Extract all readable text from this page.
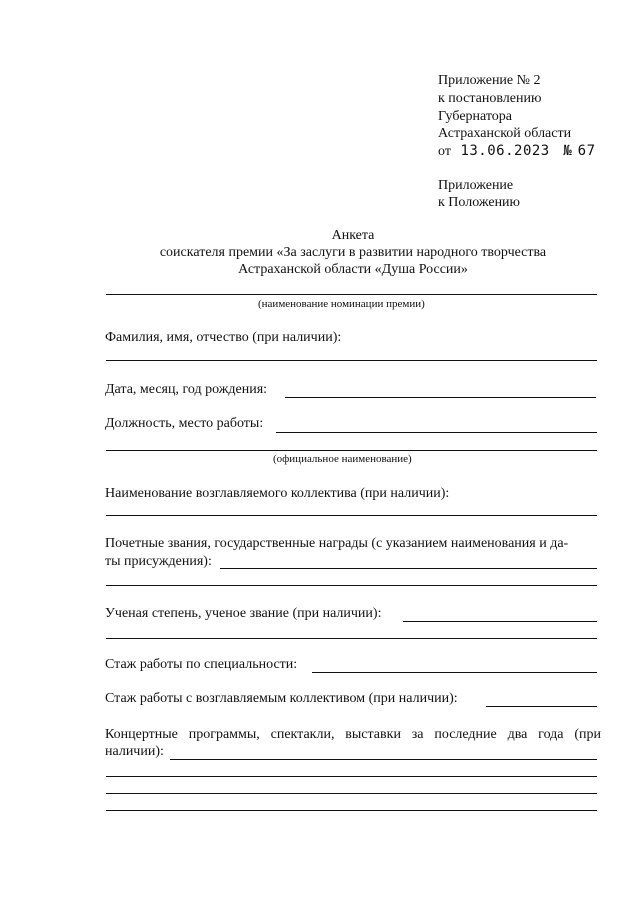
Приложение № 2
к постановлению
Губернатора
Астраханской области
от 13.06.2023 № 67
Приложение
к Положению
Анкета
соискателя премии «За заслуги в развитии народного творчества
Астраханской области «Душа России»
(наименование номинации премии)
Фамилия, имя, отчество (при наличии):
Дата, месяц, год рождения:
Должность, место работы:
(официальное наименование)
Наименование возглавляемого коллектива (при наличии):
Почетные звания, государственные награды (с указанием наименования и да-
ты присуждения):
Ученая степень, ученое звание (при наличии):
Стаж работы по специальности:
Стаж работы с возглавляемым коллективом (при наличии):
Концертные программы, спектакли, выставки за последние два года (при
наличии):
